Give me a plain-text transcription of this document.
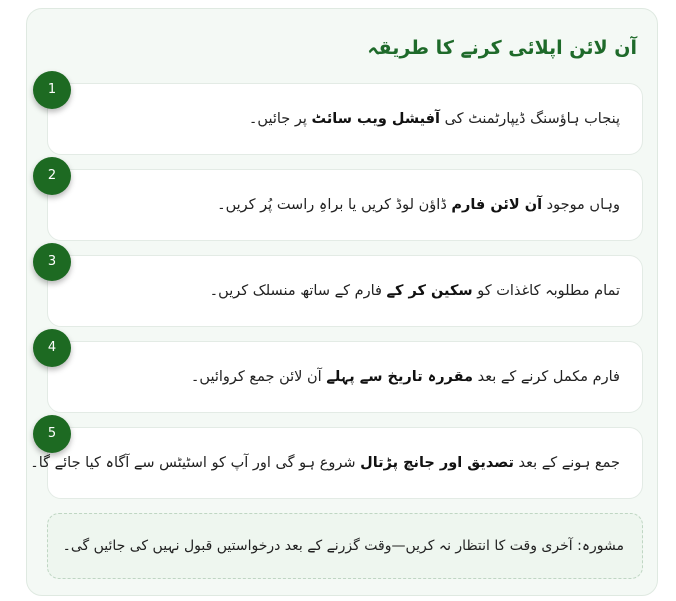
آن لائن اپلائی کرنے کا طریقہ
پنجاب ہاؤسنگ ڈیپارٹمنٹ کی آفیشل ویب سائٹ پر جائیں۔
1
وہاں موجود آن لائن فارم ڈاؤن لوڈ کریں یا براہِ راست پُر کریں۔
2
تمام مطلوبہ کاغذات کو سکین کر کے فارم کے ساتھ منسلک کریں۔
3
فارم مکمل کرنے کے بعد مقررہ تاریخ سے پہلے آن لائن جمع کروائیں۔
4
جمع ہونے کے بعد تصدیق اور جانچ پڑتال شروع ہو گی اور آپ کو اسٹیٹس سے آگاہ کیا جائے گا۔
5
مشورہ: آخری وقت کا انتظار نہ کریں—وقت گزرنے کے بعد درخواستیں قبول نہیں کی جائیں گی۔
